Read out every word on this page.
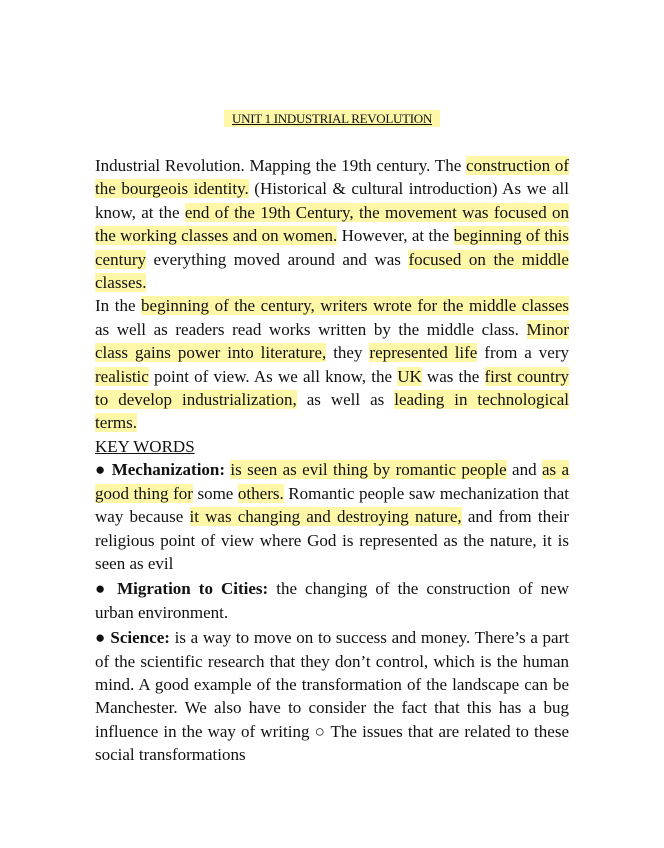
UNIT 1 INDUSTRIAL REVOLUTION

Industrial Revolution. Mapping the 19th century. The construction of the bourgeois identity. (Historical & cultural introduction) As we all know, at the end of the 19th Century, the movement was focused on the working classes and on women. However, at the beginning of this century everything moved around and was focused on the middle classes.

In the beginning of the century, writers wrote for the middle classes as well as readers read works written by the middle class. Minor class gains power into literature, they represented life from a very realistic point of view. As we all know, the UK was the first country to develop industrialization, as well as leading in technological terms.

KEY WORDS

● Mechanization: is seen as evil thing by romantic people and as a good thing for some others. Romantic people saw mechanization that way because it was changing and destroying nature, and from their religious point of view where God is represented as the nature, it is seen as evil

● Migration to Cities: the changing of the construction of new urban environment.

● Science: is a way to move on to success and money. There’s a part of the scientific research that they don’t control, which is the human mind. A good example of the transformation of the landscape can be Manchester. We also have to consider the fact that this has a bug influence in the way of writing ○ The issues that are related to these social transformations
